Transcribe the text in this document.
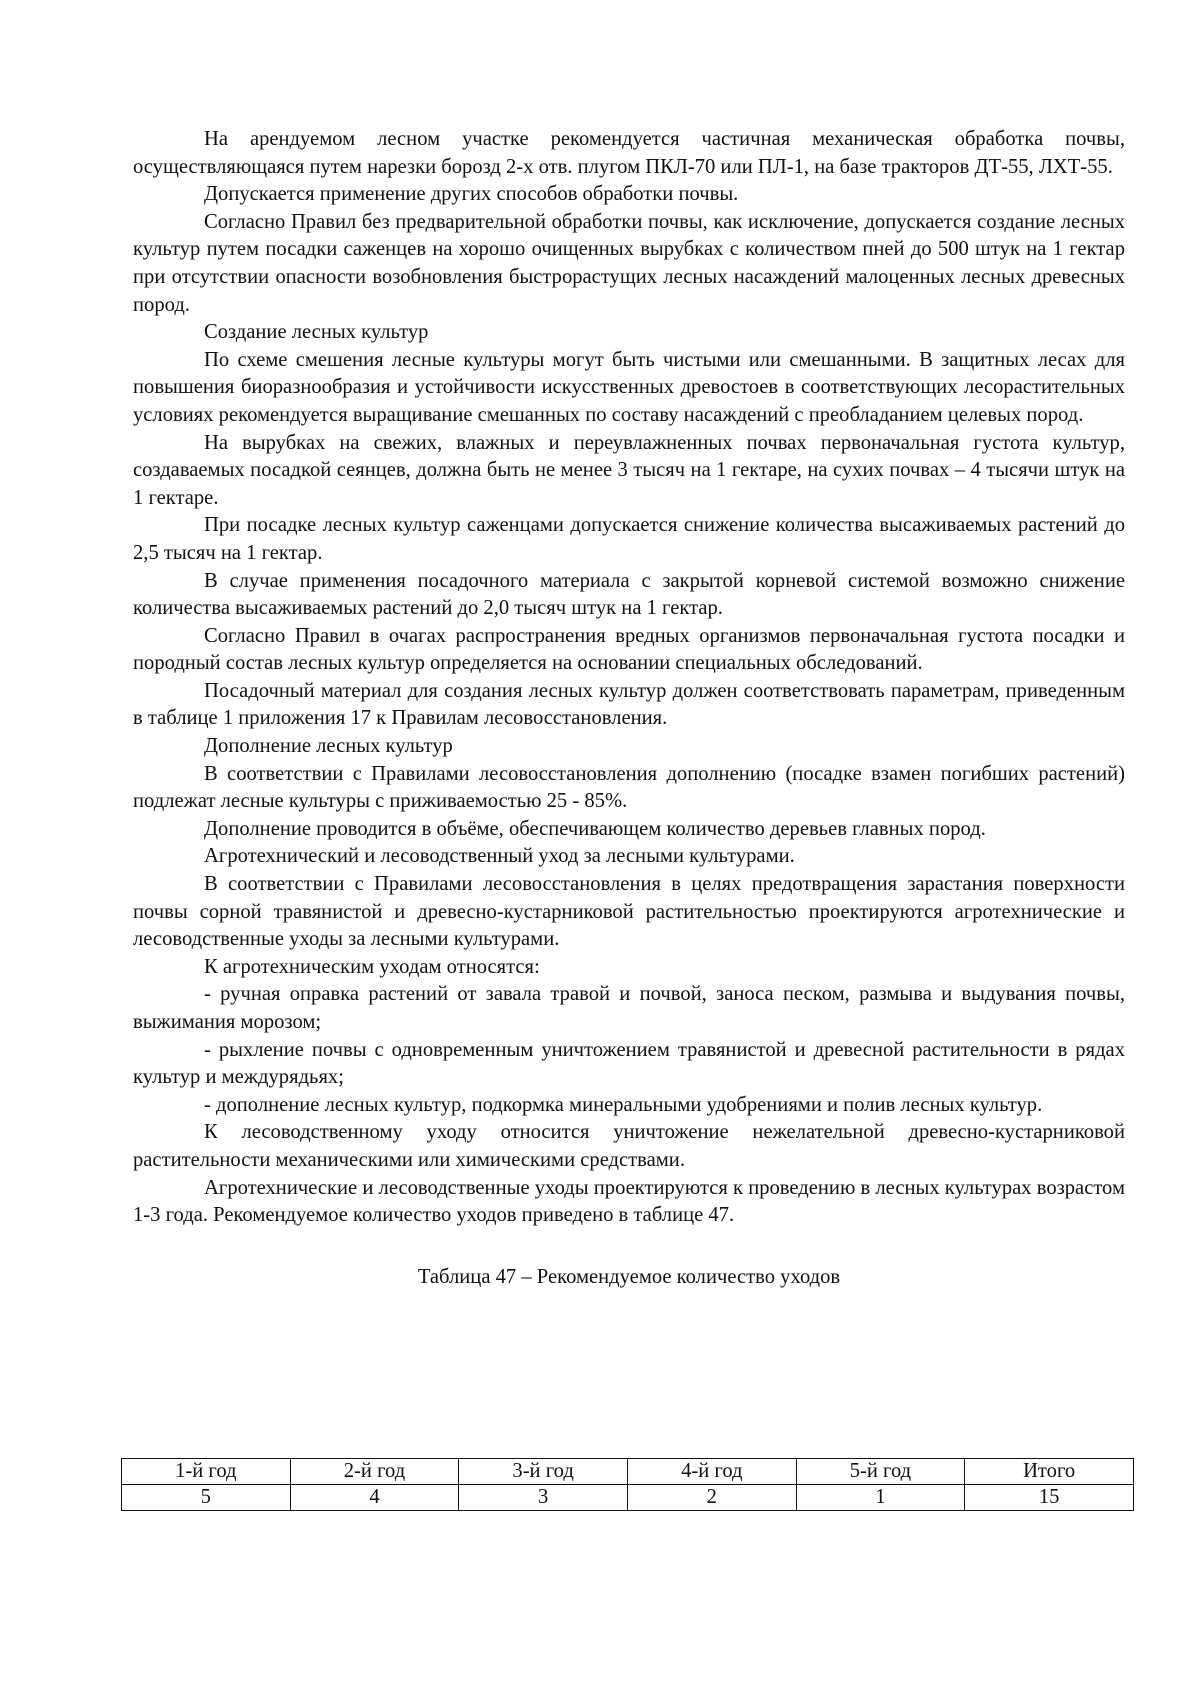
На арендуемом лесном участке рекомендуется частичная механическая обработка почвы, осуществляющаяся путем нарезки борозд 2-х отв. плугом ПКЛ-70 или ПЛ-1, на базе тракторов ДТ-55, ЛХТ-55.

Допускается применение других способов обработки почвы.

Согласно Правил без предварительной обработки почвы, как исключение, допускается создание лесных культур путем посадки саженцев на хорошо очищенных вырубках с количеством пней до 500 штук на 1 гектар при отсутствии опасности возобновления быстрорастущих лесных насаждений малоценных лесных древесных пород.

Создание лесных культур

По схеме смешения лесные культуры могут быть чистыми или смешанными. В защитных лесах для повышения биоразнообразия и устойчивости искусственных древостоев в соответствующих лесорастительных условиях рекомендуется выращивание смешанных по составу насаждений с преобладанием целевых пород.

На вырубках на свежих, влажных и переувлажненных почвах первоначальная густота культур, создаваемых посадкой сеянцев, должна быть не менее 3 тысяч на 1 гектаре, на сухих почвах – 4 тысячи штук на 1 гектаре.

При посадке лесных культур саженцами допускается снижение количества высаживаемых растений до 2,5 тысяч на 1 гектар.

В случае применения посадочного материала с закрытой корневой системой возможно снижение количества высаживаемых растений до 2,0 тысяч штук на 1 гектар.

Согласно Правил в очагах распространения вредных организмов первоначальная густота посадки и породный состав лесных культур определяется на основании специальных обследований.

Посадочный материал для создания лесных культур должен соответствовать параметрам, приведенным в таблице 1 приложения 17 к Правилам лесовосстановления.

Дополнение лесных культур

В соответствии с Правилами лесовосстановления дополнению (посадке взамен погибших растений) подлежат лесные культуры с приживаемостью 25 - 85%.

Дополнение проводится в объёме, обеспечивающем количество деревьев главных пород.

Агротехнический и лесоводственный уход за лесными культурами.

В соответствии с Правилами лесовосстановления в целях предотвращения зарастания поверхности почвы сорной травянистой и древесно-кустарниковой растительностью проектируются агротехнические и лесоводственные уходы за лесными культурами.

К агротехническим уходам относятся:

- ручная оправка растений от завала травой и почвой, заноса песком, размыва и выдувания почвы, выжимания морозом;

- рыхление почвы с одновременным уничтожением травянистой и древесной растительности в рядах культур и междурядьях;

- дополнение лесных культур, подкормка минеральными удобрениями и полив лесных культур.

К лесоводственному уходу относится уничтожение нежелательной древесно-кустарниковой растительности механическими или химическими средствами.

Агротехнические и лесоводственные уходы проектируются к проведению в лесных культурах возрастом 1-3 года. Рекомендуемое количество уходов приведено в таблице 47.

Таблица 47 – Рекомендуемое количество уходов

1-й год	2-й год	3-й год	4-й год	5-й год	Итого
5	4	3	2	1	15
